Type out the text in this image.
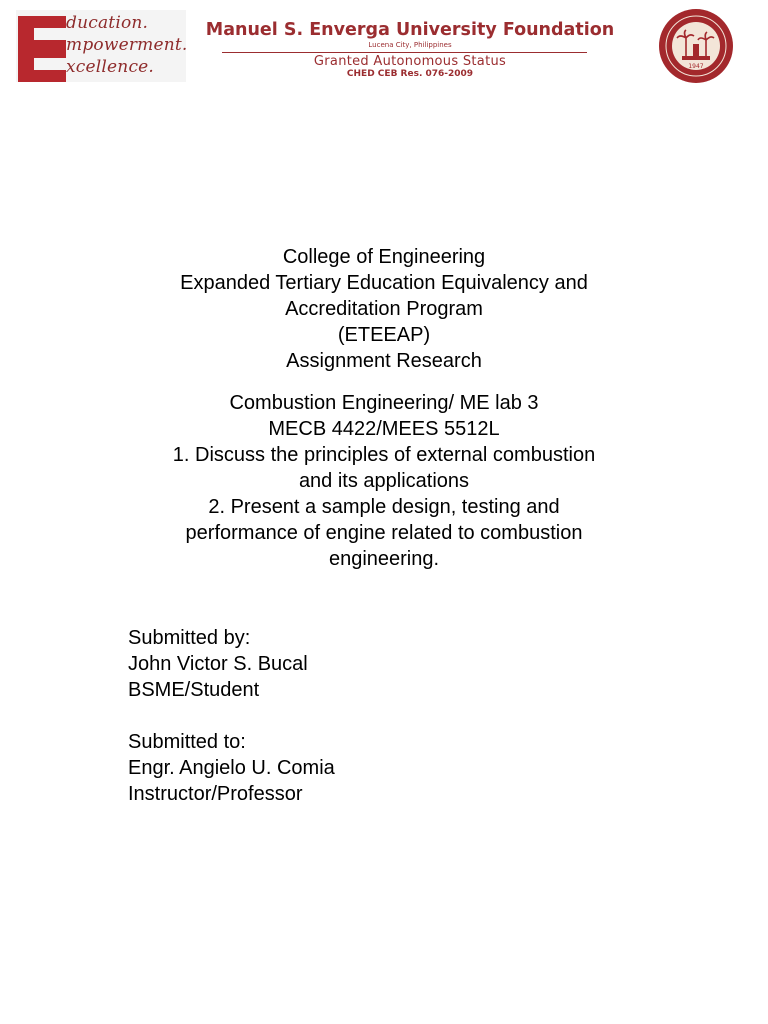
ducation.
mpowerment.
xcellence.
Manuel S. Enverga University Foundation
Lucena City, Philippines
Granted Autonomous Status
CHED CEB Res. 076-2009
1947

College of Engineering

Expanded Tertiary Education Equivalency and

Accreditation Program

(ETEEAP)

Assignment Research

Combustion Engineering/ ME lab 3

MECB 4422/MEES 5512L

1. Discuss the principles of external combustion

and its applications

2. Present a sample design, testing and

performance of engine related to combustion

engineering.

Submitted by:

John Victor S. Bucal

BSME/Student

Submitted to:

Engr. Angielo U. Comia

Instructor/Professor
